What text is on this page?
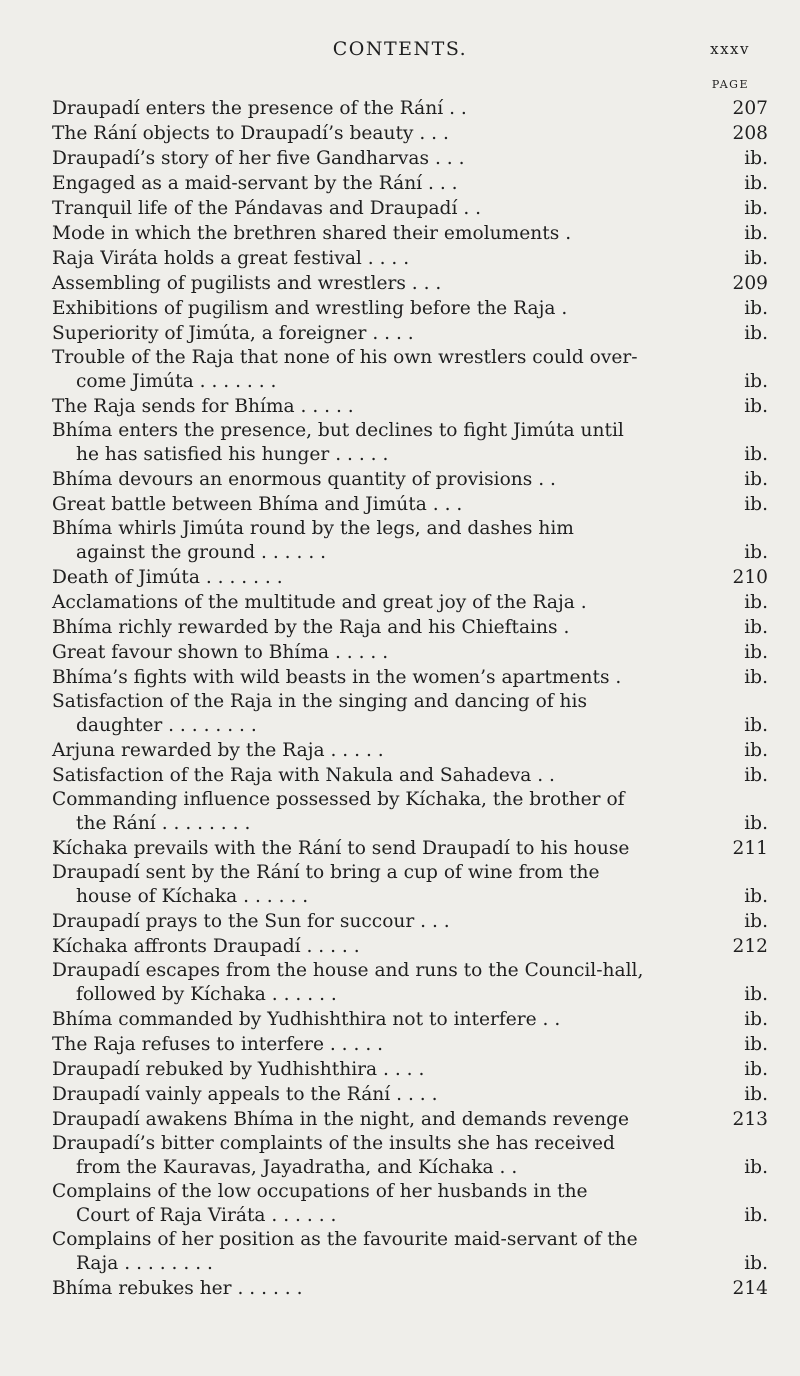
CONTENTS.	xxxv
PAGE
Draupadí enters the presence of the Rání . .	207
The Rání objects to Draupadí’s beauty . . .	208
Draupadí’s story of her five Gandharvas . . .	ib.
Engaged as a maid-servant by the Rání . . .	ib.
Tranquil life of the Pándavas and Draupadí . .	ib.
Mode in which the brethren shared their emoluments .	ib.
Raja Viráta holds a great festival . . . .	ib.
Assembling of pugilists and wrestlers . . .	209
Exhibitions of pugilism and wrestling before the Raja .	ib.
Superiority of Jimúta, a foreigner . . . .	ib.
Trouble of the Raja that none of his own wrestlers could over-
come Jimúta . . . . . . .	ib.
The Raja sends for Bhíma . . . . .	ib.
Bhíma enters the presence, but declines to fight Jimúta until
he has satisfied his hunger . . . . .	ib.
Bhíma devours an enormous quantity of provisions . .	ib.
Great battle between Bhíma and Jimúta . . .	ib.
Bhíma whirls Jimúta round by the legs, and dashes him
against the ground . . . . . .	ib.
Death of Jimúta . . . . . . .	210
Acclamations of the multitude and great joy of the Raja .	ib.
Bhíma richly rewarded by the Raja and his Chieftains .	ib.
Great favour shown to Bhíma . . . . .	ib.
Bhíma’s fights with wild beasts in the women’s apartments .	ib.
Satisfaction of the Raja in the singing and dancing of his
daughter . . . . . . . .	ib.
Arjuna rewarded by the Raja . . . . .	ib.
Satisfaction of the Raja with Nakula and Sahadeva . .	ib.
Commanding influence possessed by Kíchaka, the brother of
the Rání . . . . . . . .	ib.
Kíchaka prevails with the Rání to send Draupadí to his house	211
Draupadí sent by the Rání to bring a cup of wine from the
house of Kíchaka . . . . . .	ib.
Draupadí prays to the Sun for succour . . .	ib.
Kíchaka affronts Draupadí . . . . .	212
Draupadí escapes from the house and runs to the Council-hall,
followed by Kíchaka . . . . . .	ib.
Bhíma commanded by Yudhishthira not to interfere . .	ib.
The Raja refuses to interfere . . . . .	ib.
Draupadí rebuked by Yudhishthira . . . .	ib.
Draupadí vainly appeals to the Rání . . . .	ib.
Draupadí awakens Bhíma in the night, and demands revenge	213
Draupadí’s bitter complaints of the insults she has received
from the Kauravas, Jayadratha, and Kíchaka . .	ib.
Complains of the low occupations of her husbands in the
Court of Raja Viráta . . . . . .	ib.
Complains of her position as the favourite maid-servant of the
Raja . . . . . . . .	ib.
Bhíma rebukes her . . . . . .	214
